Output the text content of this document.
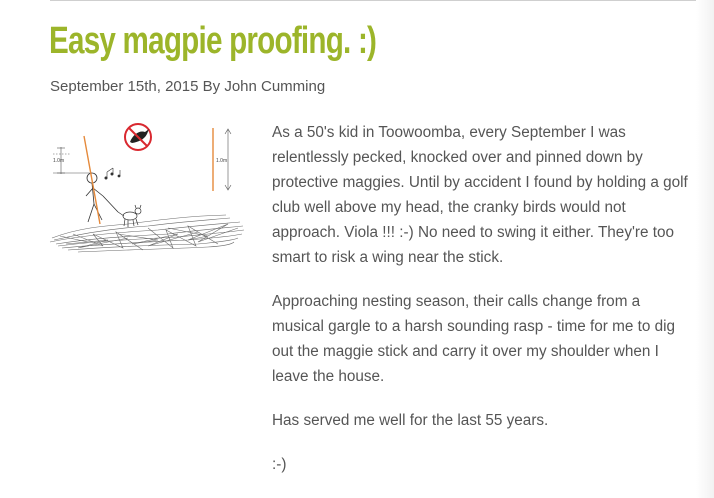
Easy magpie proofing. :)
September 15th, 2015 By John Cumming
1.0m	1.0m

As a 50's kid in Toowoomba, every September I was relentlessly pecked, knocked over and pinned down by protective maggies. Until by accident I found by holding a golf club well above my head, the cranky birds would not approach. Viola !!! :-) No need to swing it either. They're too smart to risk a wing near the stick.

Approaching nesting season, their calls change from a musical gargle to a harsh sounding rasp - time for me to dig out the maggie stick and carry it over my shoulder when I leave the house.

Has served me well for the last 55 years.

:-)
